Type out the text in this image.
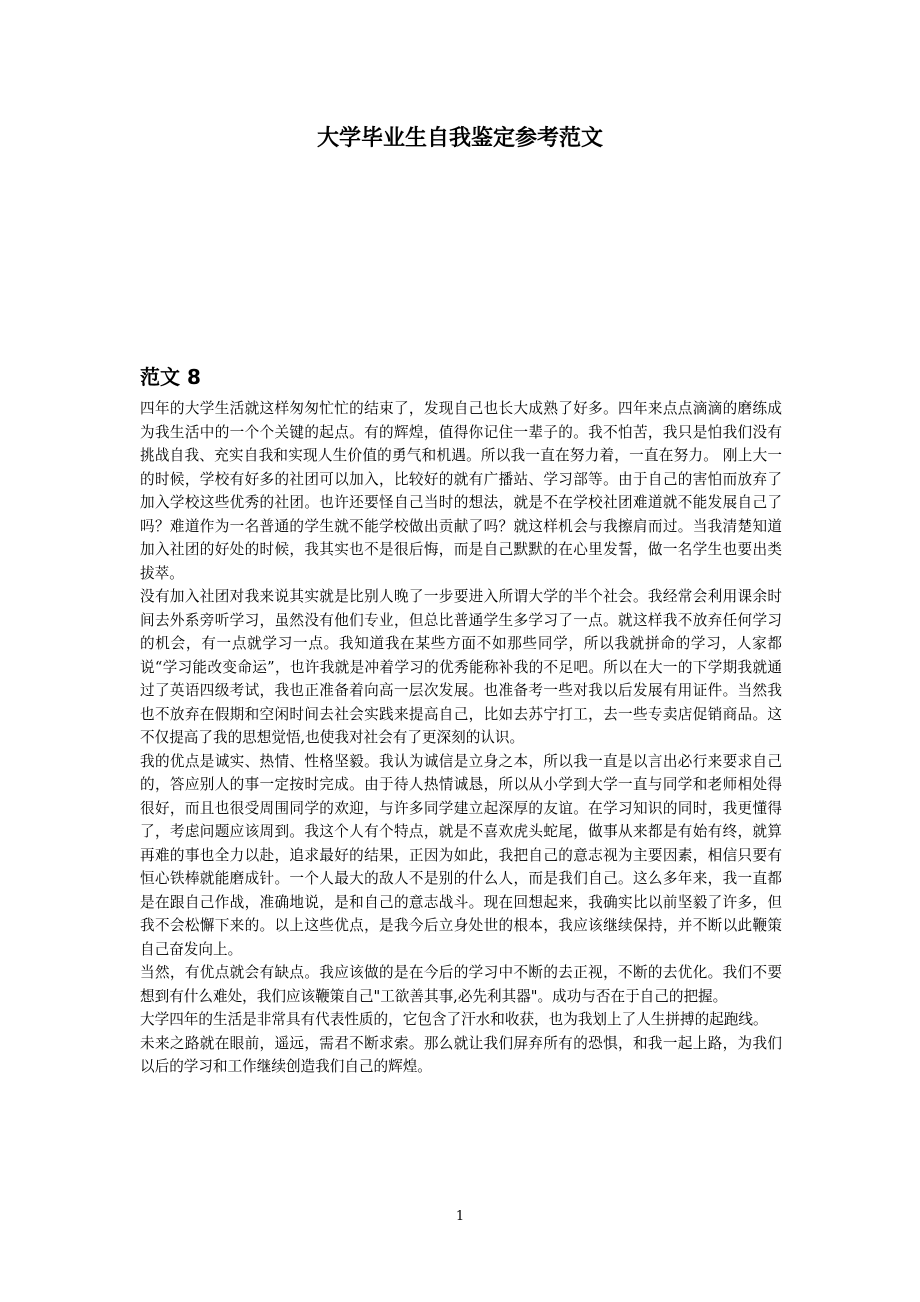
大学毕业生自我鉴定参考范文
范文 8

四年的大学生活就这样匆匆忙忙的结束了，发现自己也长大成熟了好多。四年来点点滴滴的磨练成为我生活中的一个个关键的起点。有的辉煌，值得你记住一辈子的。我不怕苦，我只是怕我们没有挑战自我、充实自我和实现人生价值的勇气和机遇。所以我一直在努力着，一直在努力。 刚上大一的时候，学校有好多的社团可以加入，比较好的就有广播站、学习部等。由于自己的害怕而放弃了加入学校这些优秀的社团。也许还要怪自己当时的想法，就是不在学校社团难道就不能发展自己了吗？难道作为一名普通的学生就不能学校做出贡献了吗？就这样机会与我擦肩而过。当我清楚知道加入社团的好处的时候，我其实也不是很后悔，而是自己默默的在心里发誓，做一名学生也要出类拔萃。

没有加入社团对我来说其实就是比别人晚了一步要进入所谓大学的半个社会。我经常会利用课余时间去外系旁听学习，虽然没有他们专业，但总比普通学生多学习了一点。就这样我不放弃任何学习的机会，有一点就学习一点。我知道我在某些方面不如那些同学，所以我就拼命的学习，人家都说“学习能改变命运”，也许我就是冲着学习的优秀能称补我的不足吧。所以在大一的下学期我就通过了英语四级考试，我也正准备着向高一层次发展。也准备考一些对我以后发展有用证件。当然我也不放弃在假期和空闲时间去社会实践来提高自己，比如去苏宁打工，去一些专卖店促销商品。这不仅提高了我的思想觉悟,也使我对社会有了更深刻的认识。

我的优点是诚实、热情、性格坚毅。我认为诚信是立身之本，所以我一直是以言出必行来要求自己的，答应别人的事一定按时完成。由于待人热情诚恳，所以从小学到大学一直与同学和老师相处得很好，而且也很受周围同学的欢迎，与许多同学建立起深厚的友谊。在学习知识的同时，我更懂得了，考虑问题应该周到。我这个人有个特点，就是不喜欢虎头蛇尾，做事从来都是有始有终，就算再难的事也全力以赴，追求最好的结果，正因为如此，我把自己的意志视为主要因素，相信只要有恒心铁棒就能磨成针。一个人最大的敌人不是别的什么人，而是我们自己。这么多年来，我一直都是在跟自己作战，准确地说，是和自己的意志战斗。现在回想起来，我确实比以前坚毅了许多，但我不会松懈下来的。以上这些优点，是我今后立身处世的根本，我应该继续保持，并不断以此鞭策自己奋发向上。

当然，有优点就会有缺点。我应该做的是在今后的学习中不断的去正视，不断的去优化。我们不要想到有什么难处，我们应该鞭策自己"工欲善其事,必先利其器"。成功与否在于自己的把握。

大学四年的生活是非常具有代表性质的，它包含了汗水和收获，也为我划上了人生拼搏的起跑线。

未来之路就在眼前，遥远，需君不断求索。那么就让我们屏弃所有的恐惧，和我一起上路，为我们以后的学习和工作继续创造我们自己的辉煌。

1
